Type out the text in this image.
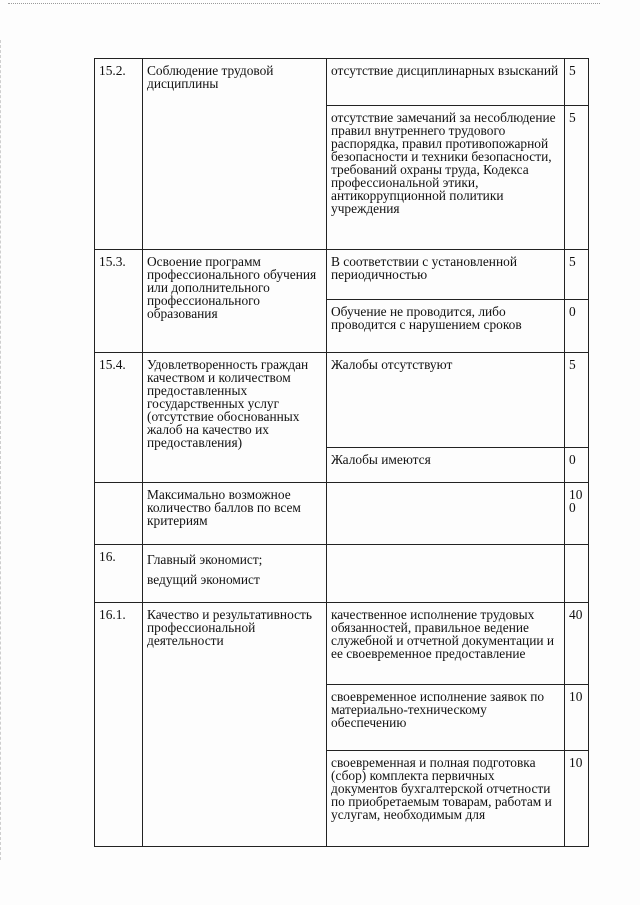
15.2.	Соблюдение трудовой дисциплины	отсутствие дисциплинарных взысканий	5
		отсутствие замечаний за несоблюдение правил внутреннего трудового распорядка, правил противопожарной безопасности и техники безопасности, требований охраны труда, Кодекса профессиональной этики, антикоррупционной политики учреждения	5
15.3.	Освоение программ профессионального обучения или дополнительного профессионального образования	В соответствии с установленной периодичностью	5
		Обучение не проводится, либо проводится с нарушением сроков	0
15.4.	Удовлетворенность граждан качеством и количеством предоставленных государственных услуг (отсутствие обоснованных жалоб на качество их предоставления)	Жалобы отсутствуют	5
		Жалобы имеются	0
	Максимально возможное количество баллов по всем критериям		100
16.	Главный экономист;
ведущий экономист		

16.1.	Качество и результативность профессиональной деятельности	качественное исполнение трудовых обязанностей, правильное ведение служебной и отчетной документации и ее своевременное предоставление	40
		своевременное исполнение заявок по материально-техническому обеспечению	10
		своевременная и полная подготовка (сбор) комплекта первичных документов бухгалтерской отчетности по приобретаемым товарам, работам и услугам, необходимым для	10
